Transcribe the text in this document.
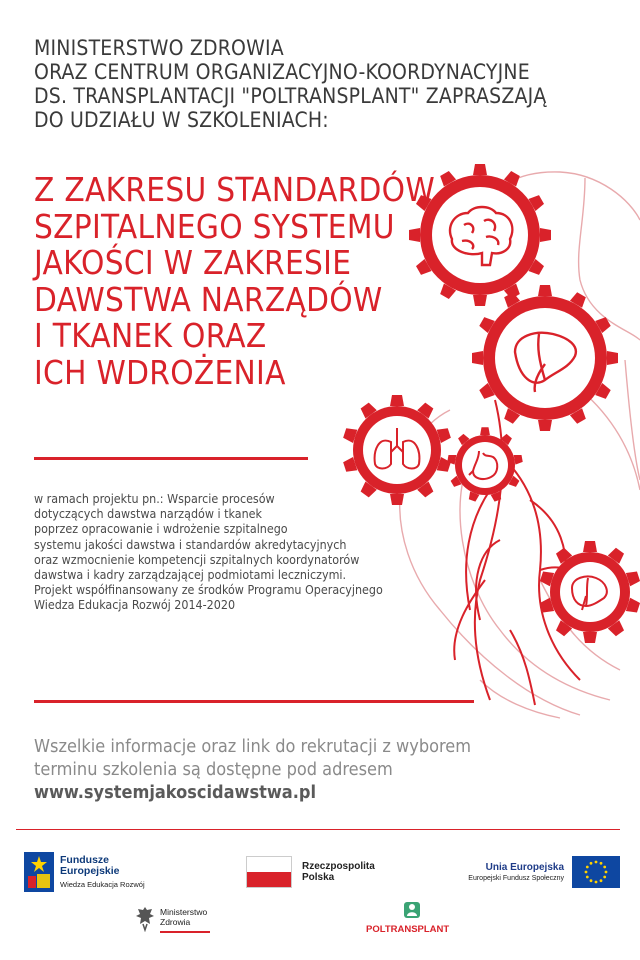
MINISTERSTWO ZDROWIA
ORAZ CENTRUM ORGANIZACYJNO-KOORDYNACYJNE
DS. TRANSPLANTACJI "POLTRANSPLANT" ZAPRASZAJĄ
DO UDZIAŁU W SZKOLENIACH:
Z ZAKRESU STANDARDÓW
SZPITALNEGO SYSTEMU
JAKOŚCI W ZAKRESIE
DAWSTWA NARZĄDÓW
I TKANEK ORAZ
ICH WDROŻENIA
w ramach projektu pn.: Wsparcie procesów
dotyczących dawstwa narządów i tkanek
poprzez opracowanie i wdrożenie szpitalnego
systemu jakości dawstwa i standardów akredytacyjnych
oraz wzmocnienie kompetencji szpitalnych koordynatorów
dawstwa i kadry zarządzającej podmiotami leczniczymi.
Projekt współfinansowany ze środków Programu Operacyjnego
Wiedza Edukacja Rozwój 2014-2020
Wszelkie informacje oraz link do rekrutacji z wyborem
terminu szkolenia są dostępne pod adresem
www.systemjakoscidawstwa.pl
Fundusze
Europejskie
Wiedza Edukacja Rozwój
Rzeczpospolita
Polska
Unia Europejska
Europejski Fundusz Społeczny
Ministerstwo
Zdrowia
POLTRANSPLANT
